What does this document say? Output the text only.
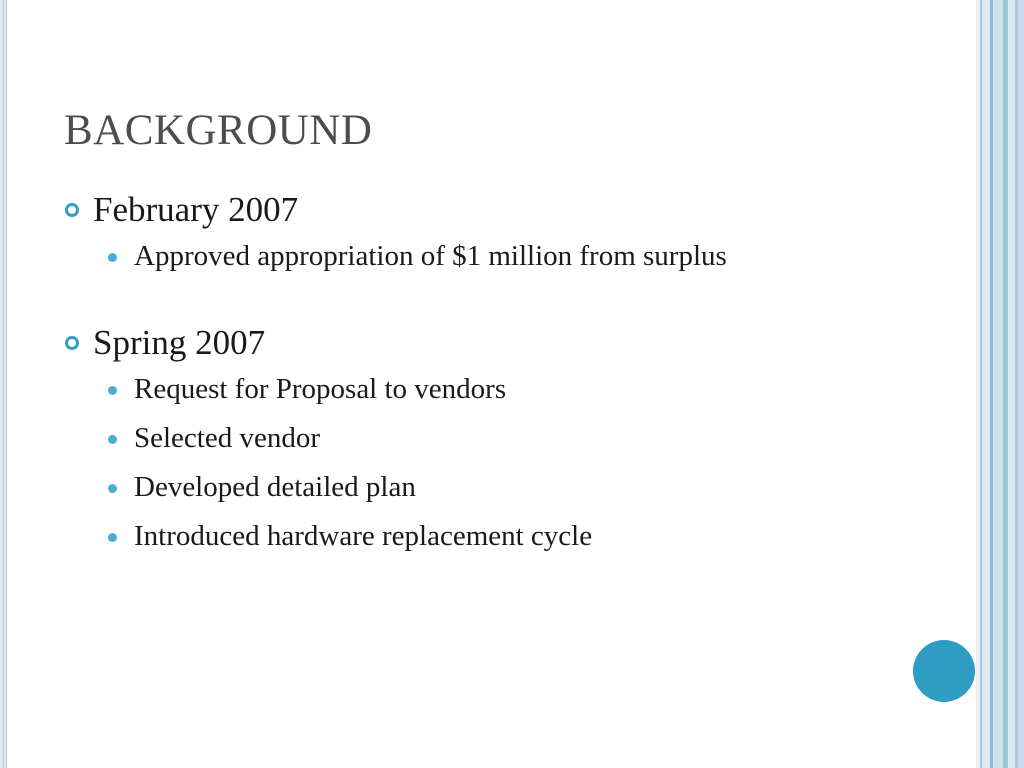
BACKGROUND
February 2007
Approved appropriation of $1 million from surplus
Spring 2007
Request for Proposal to vendors
Selected vendor
Developed detailed plan
Introduced hardware replacement cycle
